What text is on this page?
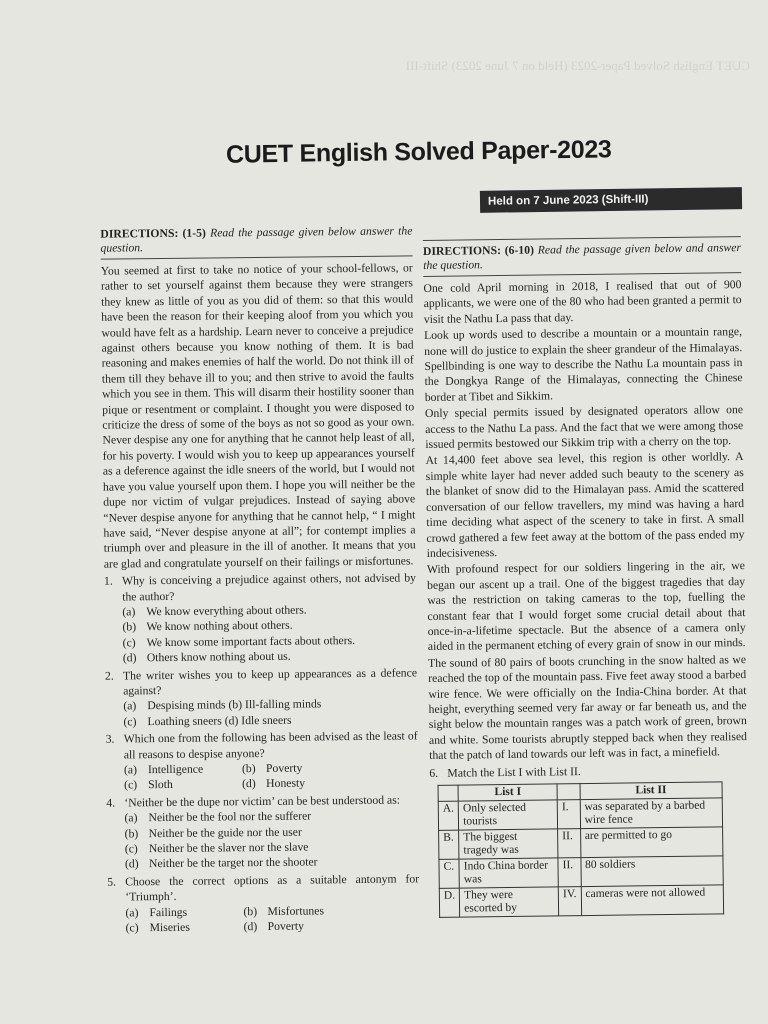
CUET English Solved Paper-2023 (Held on 7 June 2023) Shift-III
CUET English Solved Paper-2023
Held on 7 June 2023 (Shift-III)
DIRECTIONS: (1-5) Read the passage given below answer the question.

You seemed at first to take no notice of your school-fellows, or rather to set yourself against them because they were strangers they knew as little of you as you did of them: so that this would have been the reason for their keeping aloof from you which you would have felt as a hardship. Learn never to conceive a prejudice against others because you know nothing of them. It is bad reasoning and makes enemies of half the world. Do not think ill of them till they behave ill to you; and then strive to avoid the faults which you see in them. This will disarm their hostility sooner than pique or resentment or complaint. I thought you were disposed to criticize the dress of some of the boys as not so good as your own. Never despise any one for anything that he cannot help least of all, for his poverty. I would wish you to keep up appearances yourself as a deference against the idle sneers of the world, but I would not have you value yourself upon them. I hope you will neither be the dupe nor victim of vulgar prejudices. Instead of saying above “Never despise anyone for anything that he cannot help, “ I might have said, “Never despise anyone at all”; for contempt implies a triumph over and pleasure in the ill of another. It means that you are glad and congratulate yourself on their failings or misfortunes.

1. Why is conceiving a prejudice against others, not advised by the author?
(a) We know everything about others.
(b) We know nothing about others.
(c) We know some important facts about others.
(d) Others know nothing about us.
2. The writer wishes you to keep up appearances as a defence against?
(a) Despising minds (b) Ill-falling minds
(c) Loathing sneers (d) Idle sneers
3. Which one from the following has been advised as the least of all reasons to despise anyone?
(a) Intelligence	(b) Poverty
(c) Sloth	(d) Honesty
4. ‘Neither be the dupe nor victim’ can be best understood as:
(a) Neither be the fool nor the sufferer
(b) Neither be the guide nor the user
(c) Neither be the slaver nor the slave
(d) Neither be the target nor the shooter
5. Choose the correct options as a suitable antonym for ‘Triumph’.
(a) Failings	(b) Misfortunes
(c) Miseries	(d) Poverty
DIRECTIONS: (6-10) Read the passage given below and answer the question.

One cold April morning in 2018, I realised that out of 900 applicants, we were one of the 80 who had been granted a permit to visit the Nathu La pass that day.

Look up words used to describe a mountain or a mountain range, none will do justice to explain the sheer grandeur of the Himalayas. Spellbinding is one way to describe the Nathu La mountain pass in the Dongkya Range of the Himalayas, connecting the Chinese border at Tibet and Sikkim.

Only special permits issued by designated operators allow one access to the Nathu La pass. And the fact that we were among those issued permits bestowed our Sikkim trip with a cherry on the top.

At 14,400 feet above sea level, this region is other worldly. A simple white layer had never added such beauty to the scenery as the blanket of snow did to the Himalayan pass. Amid the scattered conversation of our fellow travellers, my mind was having a hard time deciding what aspect of the scenery to take in first. A small crowd gathered a few feet away at the bottom of the pass ended my indecisiveness.

With profound respect for our soldiers lingering in the air, we began our ascent up a trail. One of the biggest tragedies that day was the restriction on taking cameras to the top, fuelling the constant fear that I would forget some crucial detail about that once-in-a-lifetime spectacle. But the absence of a camera only aided in the permanent etching of every grain of snow in our minds.

The sound of 80 pairs of boots crunching in the snow halted as we reached the top of the mountain pass. Five feet away stood a barbed wire fence. We were officially on the India-China border. At that height, everything seemed very far away or far beneath us, and the sight below the mountain ranges was a patch work of green, brown and white. Some tourists abruptly stepped back when they realised that the patch of land towards our left was in fact, a minefield.

6. Match the List I with List II.
	List I		List II
A.	Only selected tourists	I.	was separated by a barbed wire fence
B.	The biggest tragedy was	II.	are permitted to go
C.	Indo China border was	II.	80 soldiers
D.	They were escorted by	IV.	cameras were not allowed
